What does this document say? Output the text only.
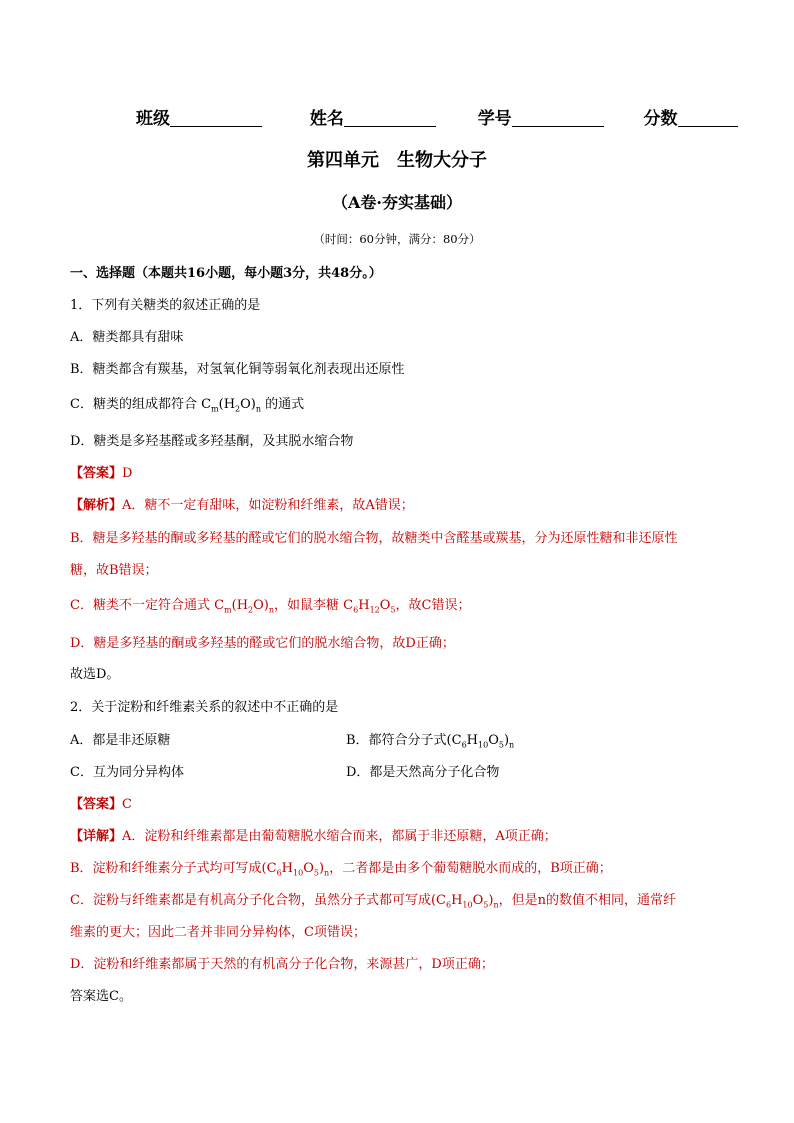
班级	姓名	学号	分数
第四单元　生物大分子
（A卷·夯实基础）
（时间：60分钟，满分：80分）
一、选择题（本题共16小题，每小题3分，共48分。）
1．下列有关糖类的叙述正确的是
A．糖类都具有甜味
B．糖类都含有羰基，对氢氧化铜等弱氧化剂表现出还原性
C．糖类的组成都符合 $C_m(H_2O)_n$ 的通式
D．糖类是多羟基醛或多羟基酮，及其脱水缩合物
【答案】D
【解析】A．糖不一定有甜味，如淀粉和纤维素，故A错误；
B．糖是多羟基的酮或多羟基的醛或它们的脱水缩合物，故糖类中含醛基或羰基，分为还原性糖和非还原性
糖，故B错误；
C．糖类不一定符合通式 $C_m(H_2O)_n$，如鼠李糖 $C_6H_{12}O_5$，故C错误；
D．糖是多羟基的酮或多羟基的醛或它们的脱水缩合物，故D正确；
故选D。
2．关于淀粉和纤维素关系的叙述中不正确的是
A．都是非还原糖	B．都符合分子式$(C_6H_{10}O_5)_n$
C．互为同分异构体	D．都是天然高分子化合物
【答案】C
【详解】A．淀粉和纤维素都是由葡萄糖脱水缩合而来，都属于非还原糖，A项正确；
B．淀粉和纤维素分子式均可写成$(C_6H_{10}O_5)_n$，二者都是由多个葡萄糖脱水而成的，B项正确；
C．淀粉与纤维素都是有机高分子化合物，虽然分子式都可写成$(C_6H_{10}O_5)_n$，但是n的数值不相同，通常纤
维素的更大；因此二者并非同分异构体，C项错误；
D．淀粉和纤维素都属于天然的有机高分子化合物，来源甚广，D项正确；
答案选C。
